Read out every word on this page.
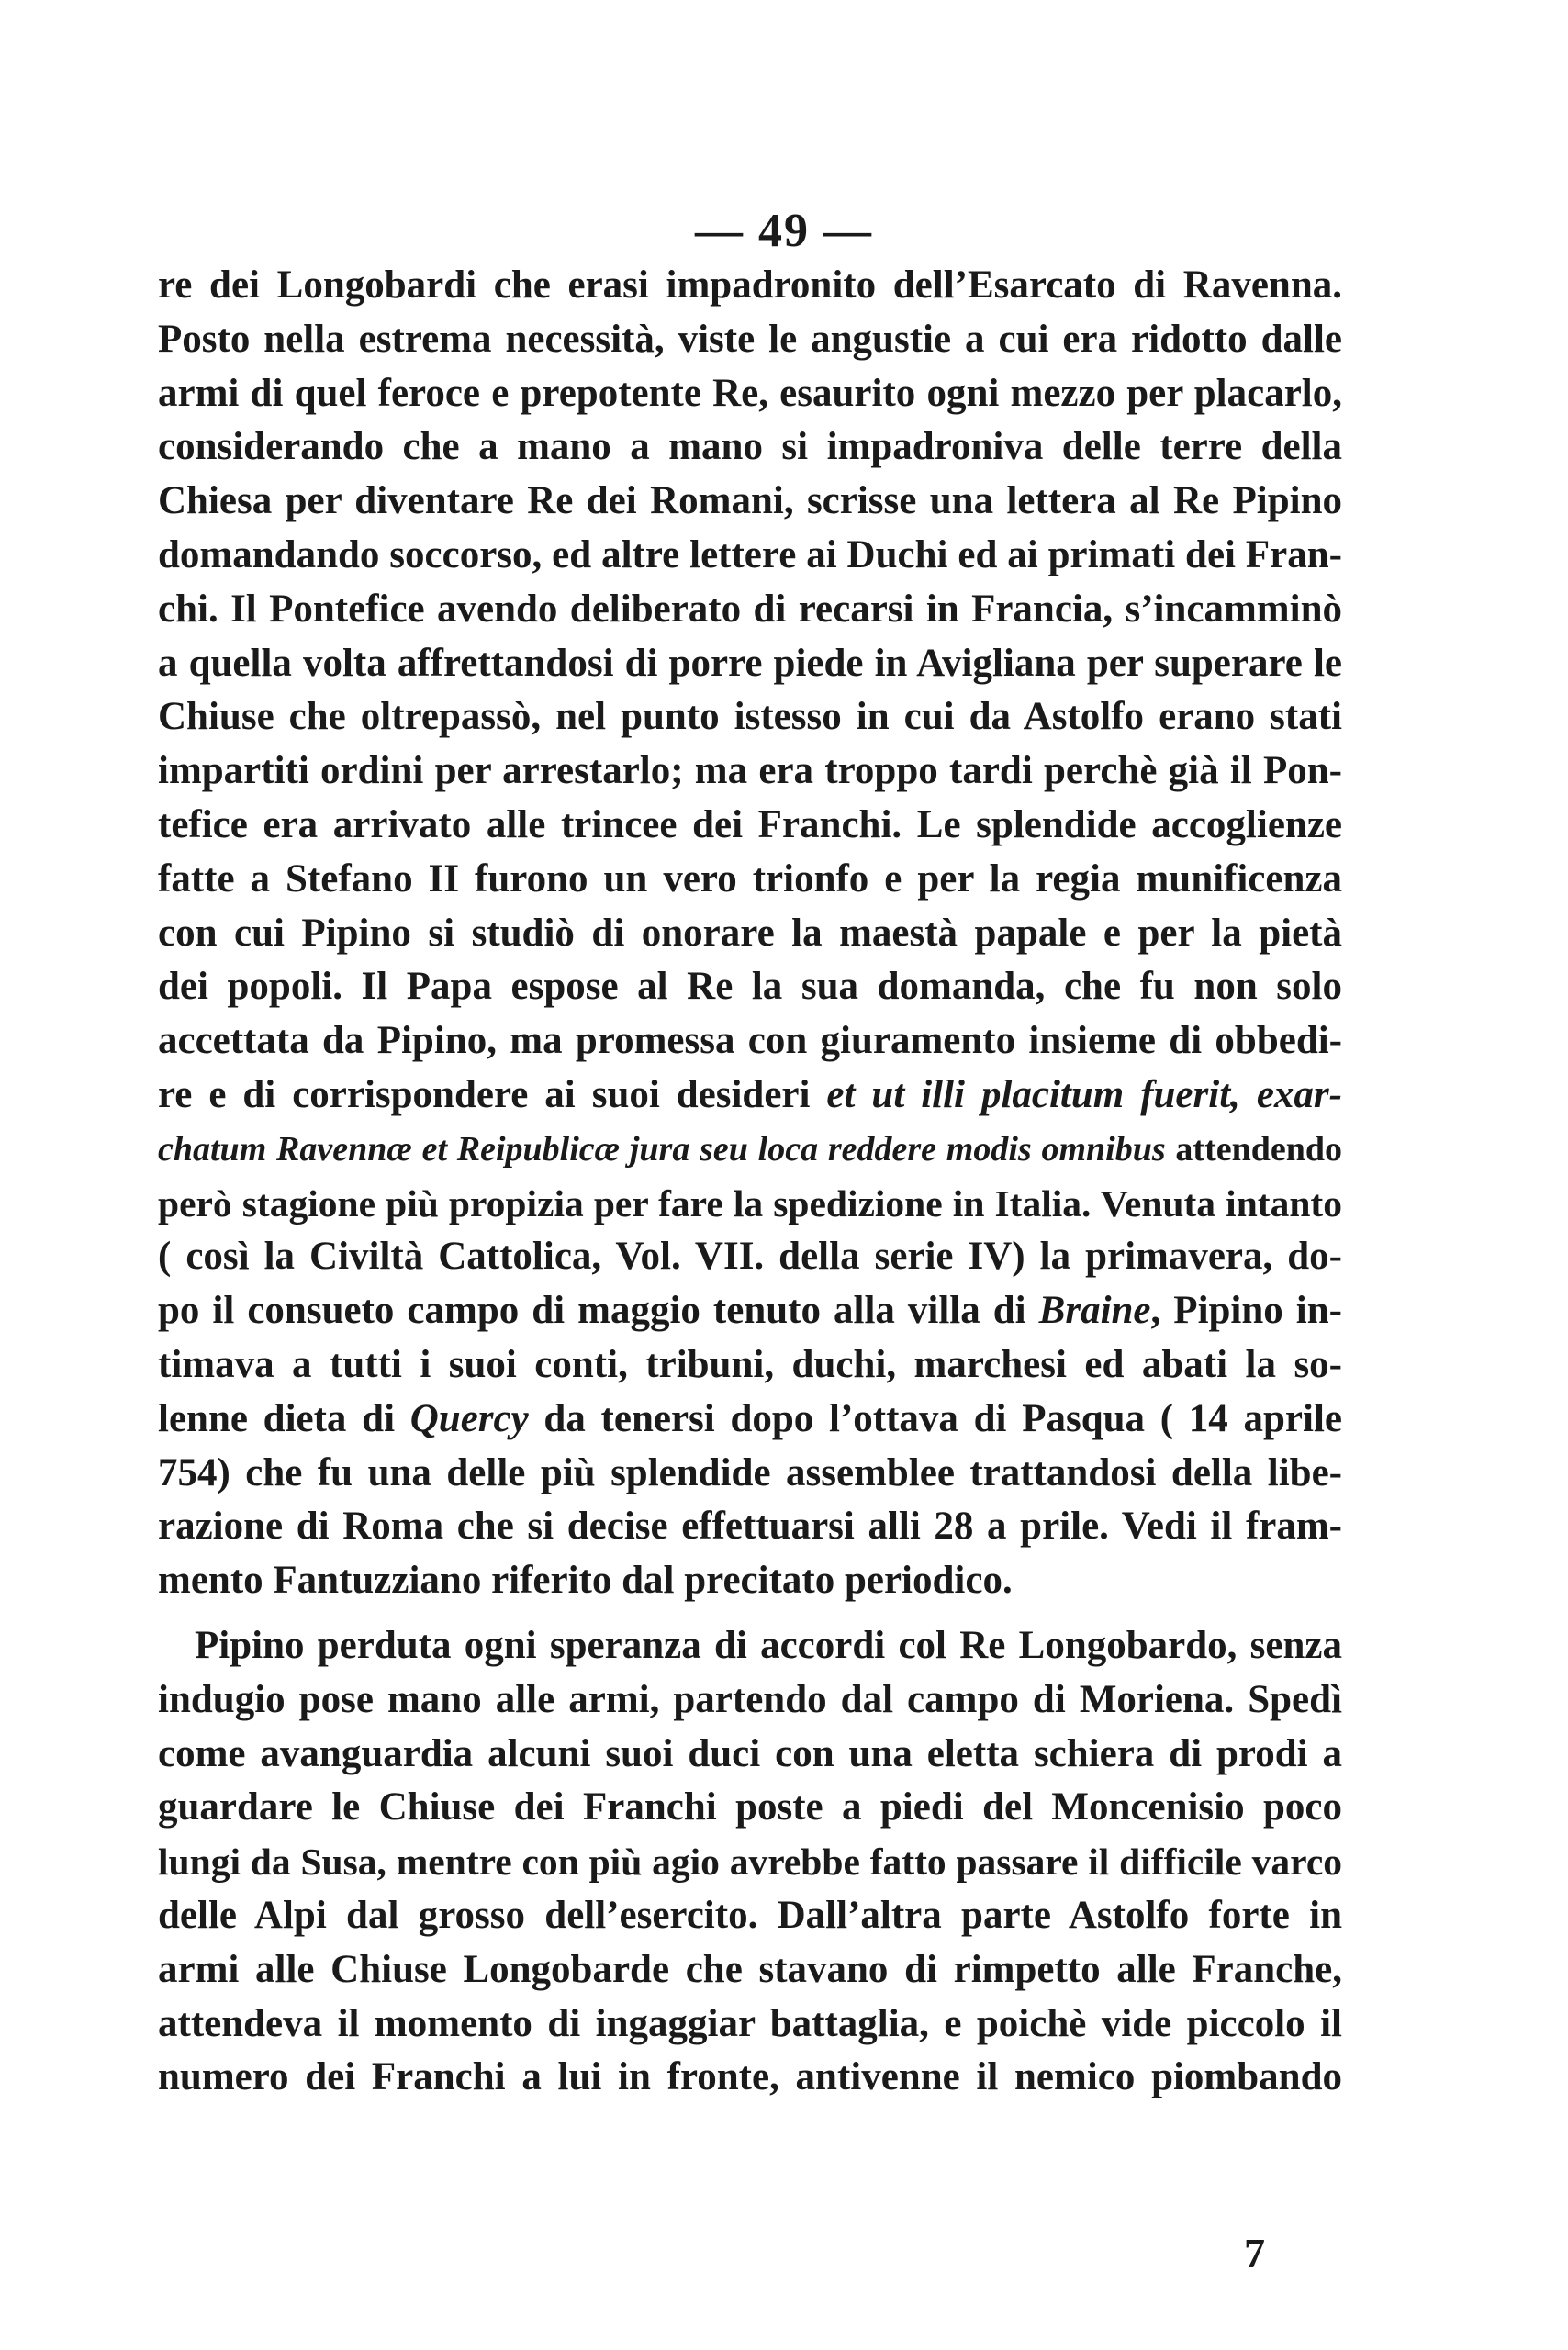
— 49 —
re dei Longobardi che erasi impadronito dell’Esarcato di Ravenna.
Posto nella estrema necessità, viste le angustie a cui era ridotto dalle
armi di quel feroce e prepotente Re, esaurito ogni mezzo per placarlo,
considerando che a mano a mano si impadroniva delle terre della
Chiesa per diventare Re dei Romani, scrisse una lettera al Re Pipino
domandando soccorso, ed altre lettere ai Duchi ed ai primati dei Fran-
chi. Il Pontefice avendo deliberato di recarsi in Francia, s’incamminò
a quella volta affrettandosi di porre piede in Avigliana per superare le
Chiuse che oltrepassò, nel punto istesso in cui da Astolfo erano stati
impartiti ordini per arrestarlo; ma era troppo tardi perchè già il Pon-
tefice era arrivato alle trincee dei Franchi. Le splendide accoglienze
fatte a Stefano II furono un vero trionfo e per la regia munificenza
con cui Pipino si studiò di onorare la maestà papale e per la pietà
dei popoli. Il Papa espose al Re la sua domanda, che fu non solo
accettata da Pipino, ma promessa con giuramento insieme di obbedi-
re e di corrispondere ai suoi desideri et ut illi placitum fuerit, exar-
chatum Ravennæ et Reipublicæ jura seu loca reddere modis omnibus attendendo
però stagione più propizia per fare la spedizione in Italia. Venuta intanto
( così la Civiltà Cattolica, Vol. VII. della serie IV) la primavera, do-
po il consueto campo di maggio tenuto alla villa di Braine, Pipino in-
timava a tutti i suoi conti, tribuni, duchi, marchesi ed abati la so-
lenne dieta di Quercy da tenersi dopo l’ottava di Pasqua ( 14 aprile
754) che fu una delle più splendide assemblee trattandosi della libe-
razione di Roma che si decise effettuarsi alli 28 a prile. Vedi il fram-
mento Fantuzziano riferito dal precitato periodico.
Pipino perduta ogni speranza di accordi col Re Longobardo, senza
indugio pose mano alle armi, partendo dal campo di Moriena. Spedì
come avanguardia alcuni suoi duci con una eletta schiera di prodi a
guardare le Chiuse dei Franchi poste a piedi del Moncenisio poco
lungi da Susa, mentre con più agio avrebbe fatto passare il difficile varco
delle Alpi dal grosso dell’esercito. Dall’altra parte Astolfo forte in
armi alle Chiuse Longobarde che stavano di rimpetto alle Franche,
attendeva il momento di ingaggiar battaglia, e poichè vide piccolo il
numero dei Franchi a lui in fronte, antivenne il nemico piombando
7
